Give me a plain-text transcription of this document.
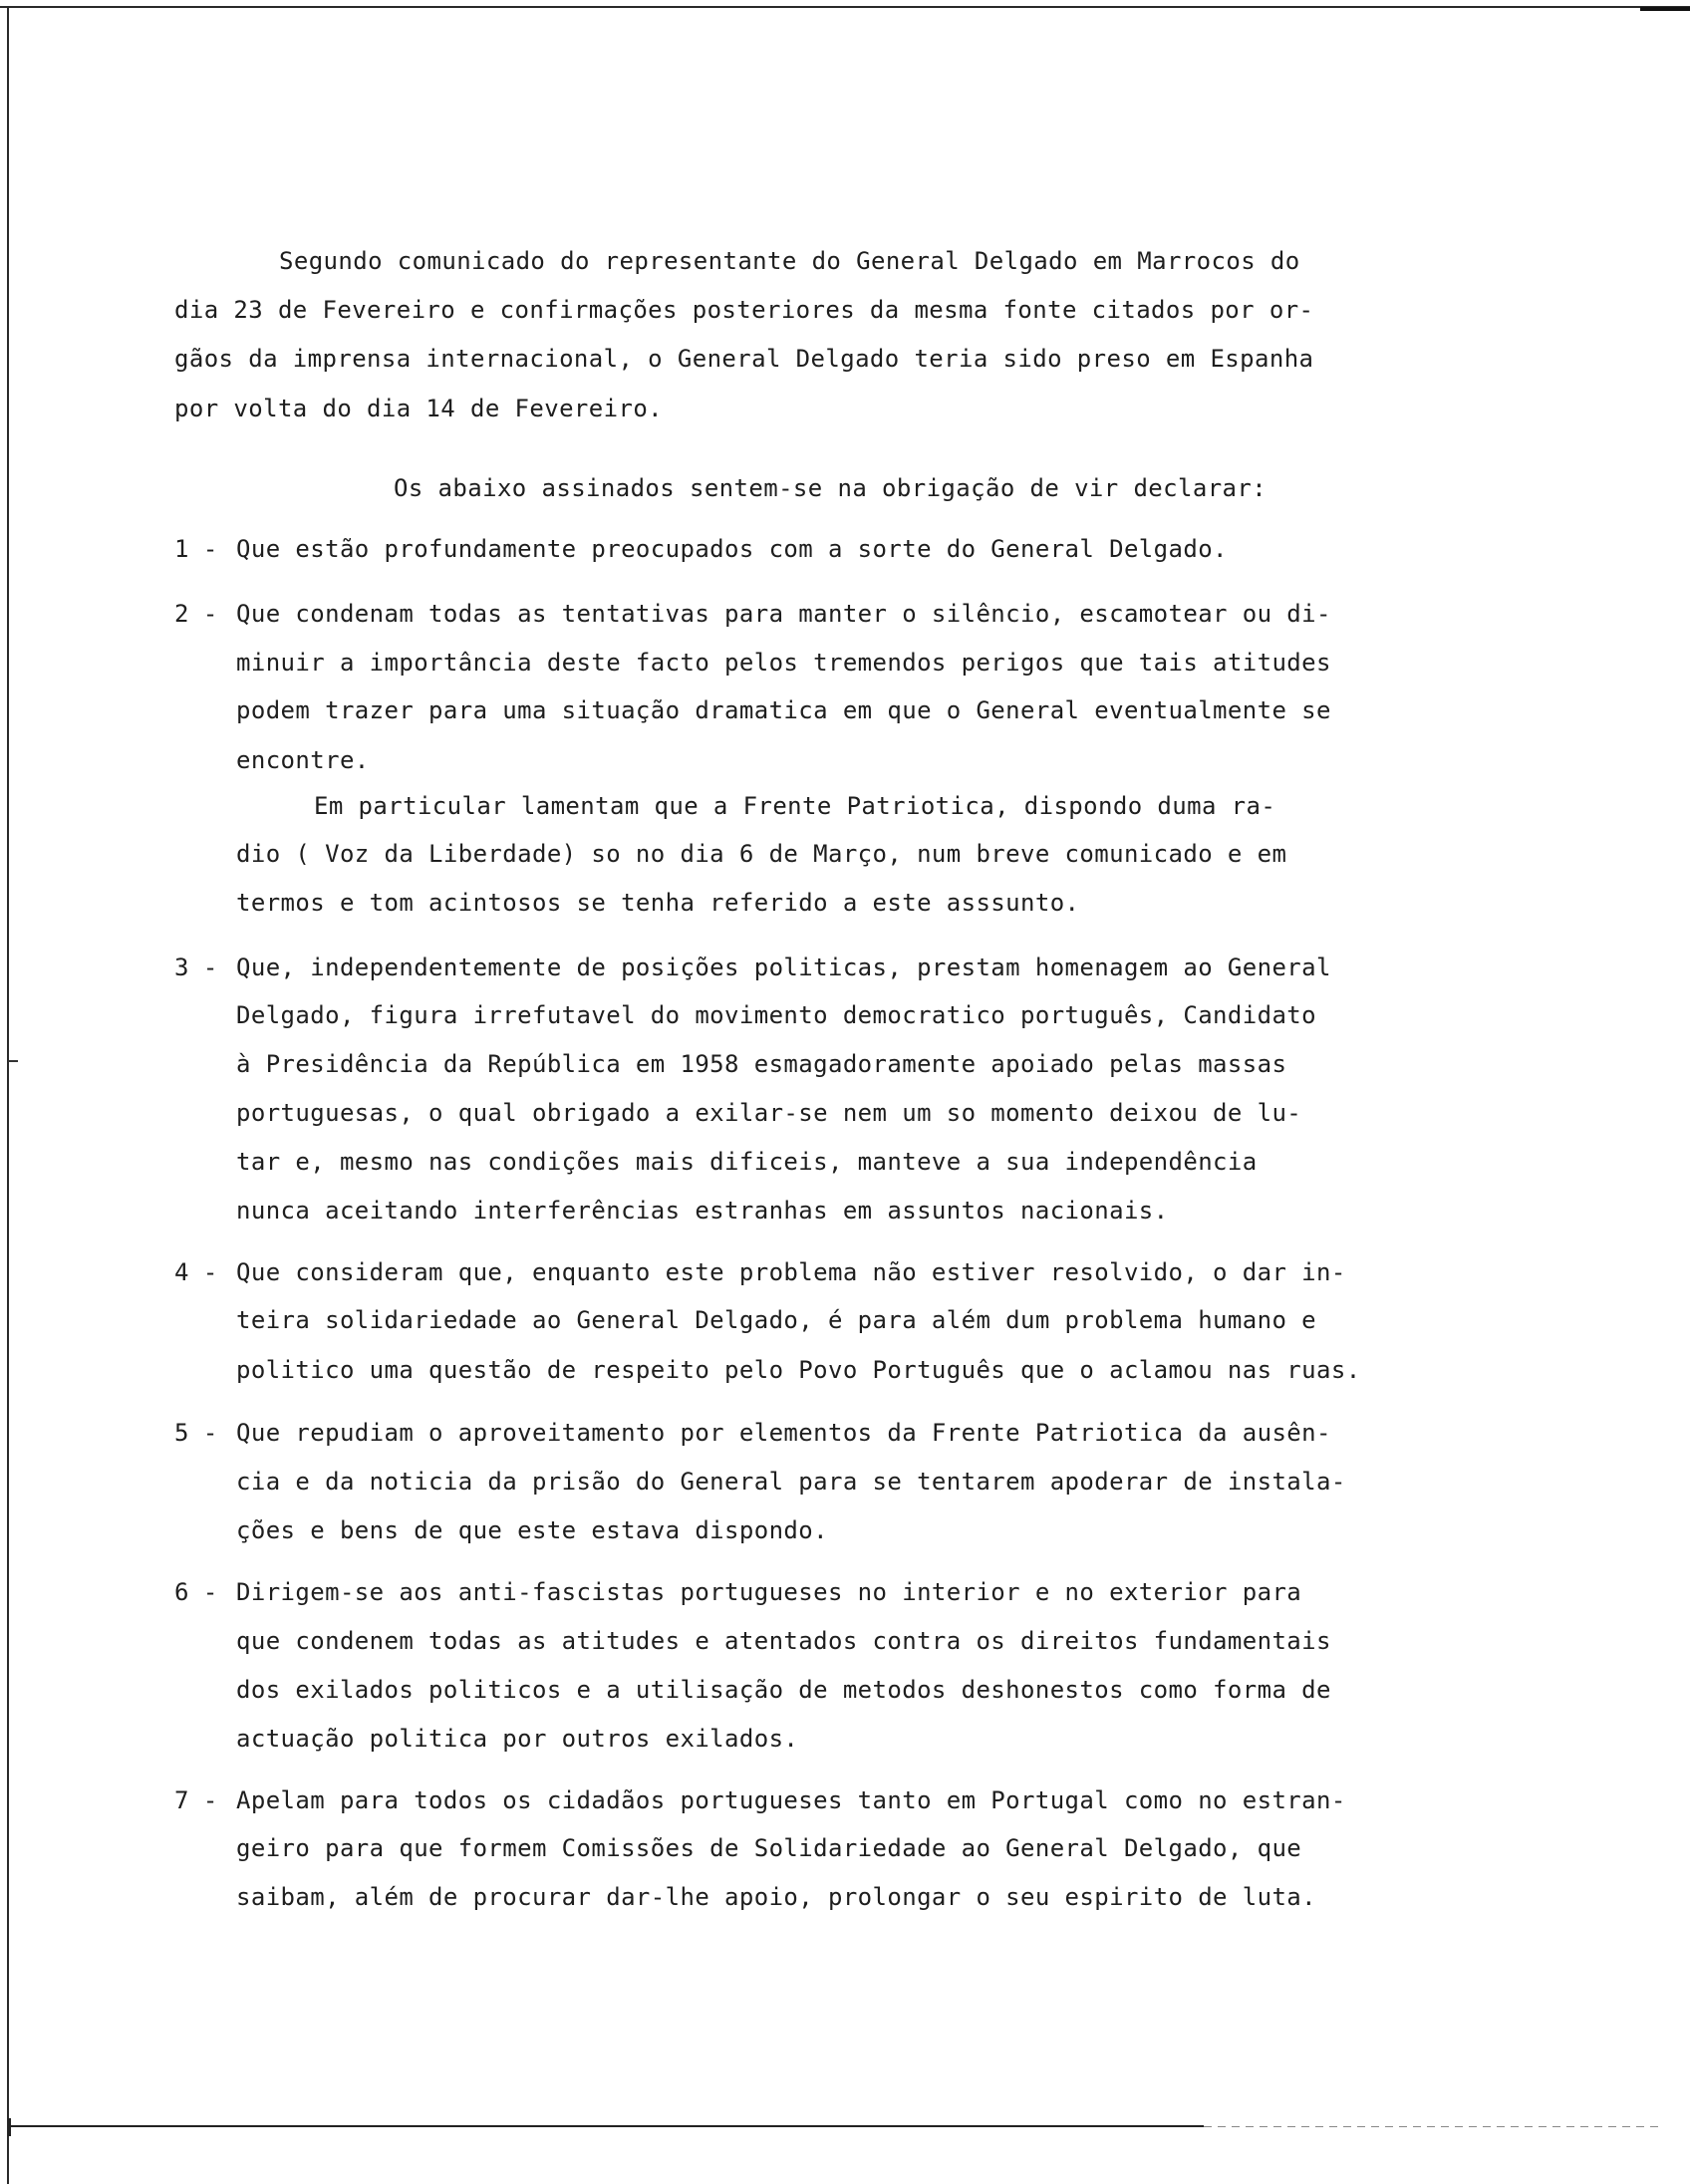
Segundo comunicado do representante do General Delgado em Marrocos do

dia 23 de Fevereiro e confirmações posteriores da mesma fonte citados por or-

gãos da imprensa internacional, o General Delgado teria sido preso em Espanha

por volta do dia 14 de Fevereiro.

Os abaixo assinados sentem-se na obrigação de vir declarar:

1 - Que estão profundamente preocupados com a sorte do General Delgado.

2 - Que condenam todas as tentativas para manter o silêncio, escamotear ou di-

minuir a importância deste facto pelos tremendos perigos que tais atitudes

podem trazer para uma situação dramatica em que o General eventualmente se

encontre.

Em particular lamentam que a Frente Patriotica, dispondo duma ra-

dio ( Voz da Liberdade) so no dia 6 de Março, num breve comunicado e em

termos e tom acintosos se tenha referido a este asssunto.

3 - Que, independentemente de posições politicas, prestam homenagem ao General

Delgado, figura irrefutavel do movimento democratico português, Candidato

à Presidência da República em 1958 esmagadoramente apoiado pelas massas

portuguesas, o qual obrigado a exilar-se nem um so momento deixou de lu-

tar e, mesmo nas condições mais dificeis, manteve a sua independência

nunca aceitando interferências estranhas em assuntos nacionais.

4 - Que consideram que, enquanto este problema não estiver resolvido, o dar in-

teira solidariedade ao General Delgado, é para além dum problema humano e

politico uma questão de respeito pelo Povo Português que o aclamou nas ruas.

5 - Que repudiam o aproveitamento por elementos da Frente Patriotica da ausên-

cia e da noticia da prisão do General para se tentarem apoderar de instala-

ções e bens de que este estava dispondo.

6 - Dirigem-se aos anti-fascistas portugueses no interior e no exterior para

que condenem todas as atitudes e atentados contra os direitos fundamentais

dos exilados politicos e a utilisação de metodos deshonestos como forma de

actuação politica por outros exilados.

7 - Apelam para todos os cidadãos portugueses tanto em Portugal como no estran-

geiro para que formem Comissões de Solidariedade ao General Delgado, que

saibam, além de procurar dar-lhe apoio, prolongar o seu espirito de luta.
